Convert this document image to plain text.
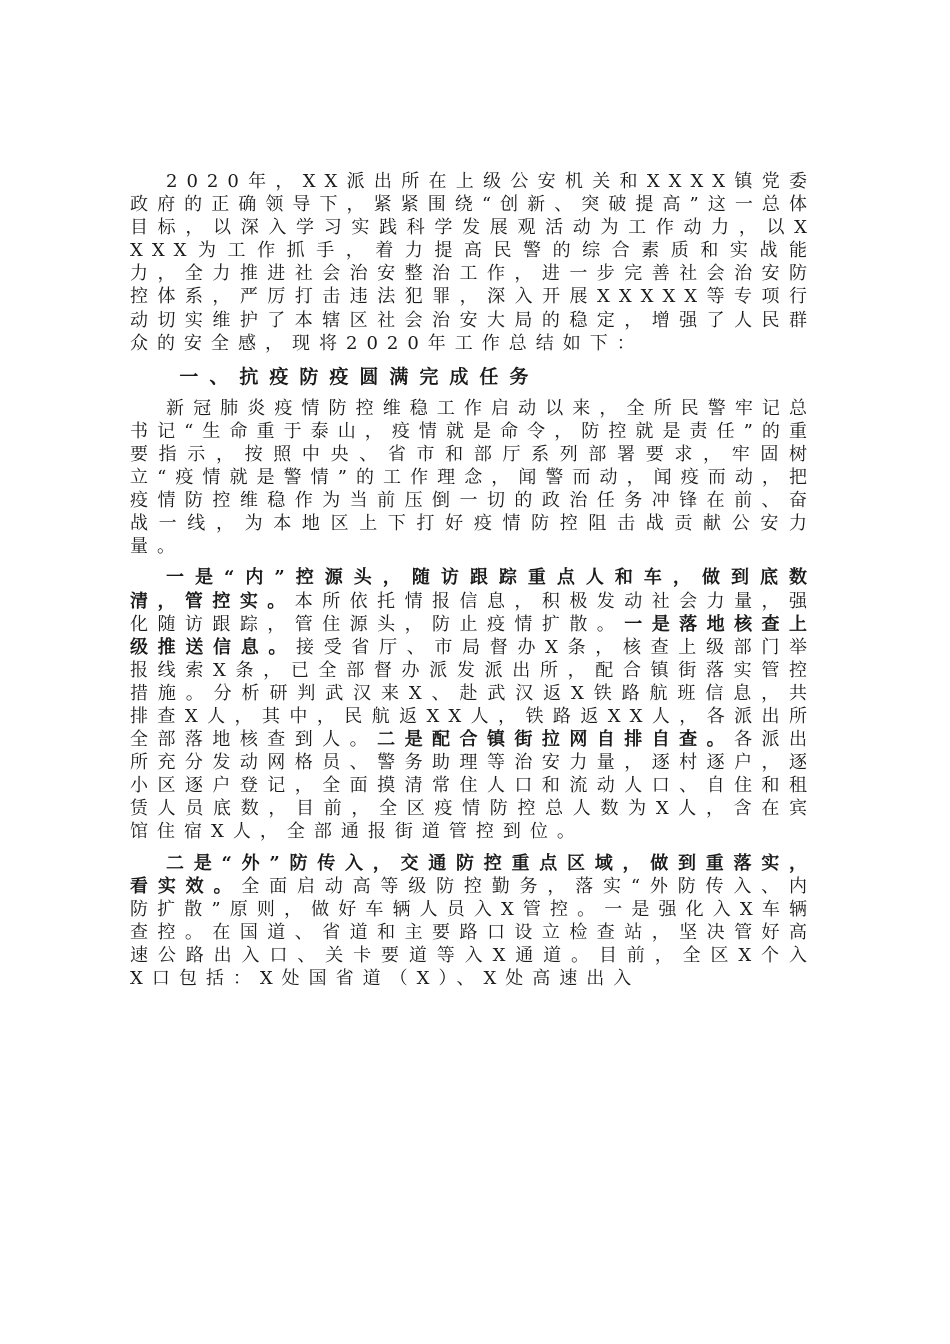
2020年，XX派出所在上级公安机关和XXXX镇党委政府的正确领导下，紧紧围绕“创新、突破提高”这一总体目标，以深入学习实践科学发展观活动为工作动力，以XXXX为工作抓手，着力提高民警的综合素质和实战能力，全力推进社会治安整治工作，进一步完善社会治安防控体系，严厉打击违法犯罪，深入开展XXXXX等专项行动切实维护了本辖区社会治安大局的稳定，增强了人民群众的安全感，现将2020年工作总结如下：

一、抗疫防疫圆满完成任务

新冠肺炎疫情防控维稳工作启动以来，全所民警牢记总书记“生命重于泰山，疫情就是命令，防控就是责任”的重要指示，按照中央、省市和部厅系列部署要求，牢固树立“疫情就是警情”的工作理念，闻警而动，闻疫而动，把疫情防控维稳作为当前压倒一切的政治任务冲锋在前、奋战一线，为本地区上下打好疫情防控阻击战贡献公安力量。

一是“内”控源头，随访跟踪重点人和车，做到底数清，管控实。本所依托情报信息，积极发动社会力量，强化随访跟踪，管住源头，防止疫情扩散。一是落地核查上级推送信息。接受省厅、市局督办X条，核查上级部门举报线索X条，已全部督办派发派出所，配合镇街落实管控措施。分析研判武汉来X、赴武汉返X铁路航班信息，共排查X人，其中，民航返XX人，铁路返XX人，各派出所全部落地核查到人。二是配合镇街拉网自排自查。各派出所充分发动网格员、警务助理等治安力量，逐村逐户，逐小区逐户登记，全面摸清常住人口和流动人口、自住和租赁人员底数，目前，全区疫情防控总人数为X人，含在宾馆住宿X人，全部通报街道管控到位。

二是“外”防传入，交通防控重点区域，做到重落实，看实效。全面启动高等级防控勤务，落实“外防传入、内防扩散”原则，做好车辆人员入X管控。一是强化入X车辆查控。在国道、省道和主要路口设立检查站，坚决管好高速公路出入口、关卡要道等入X通道。目前，全区X个入X口包括：X处国省道（X）、X处高速出入
